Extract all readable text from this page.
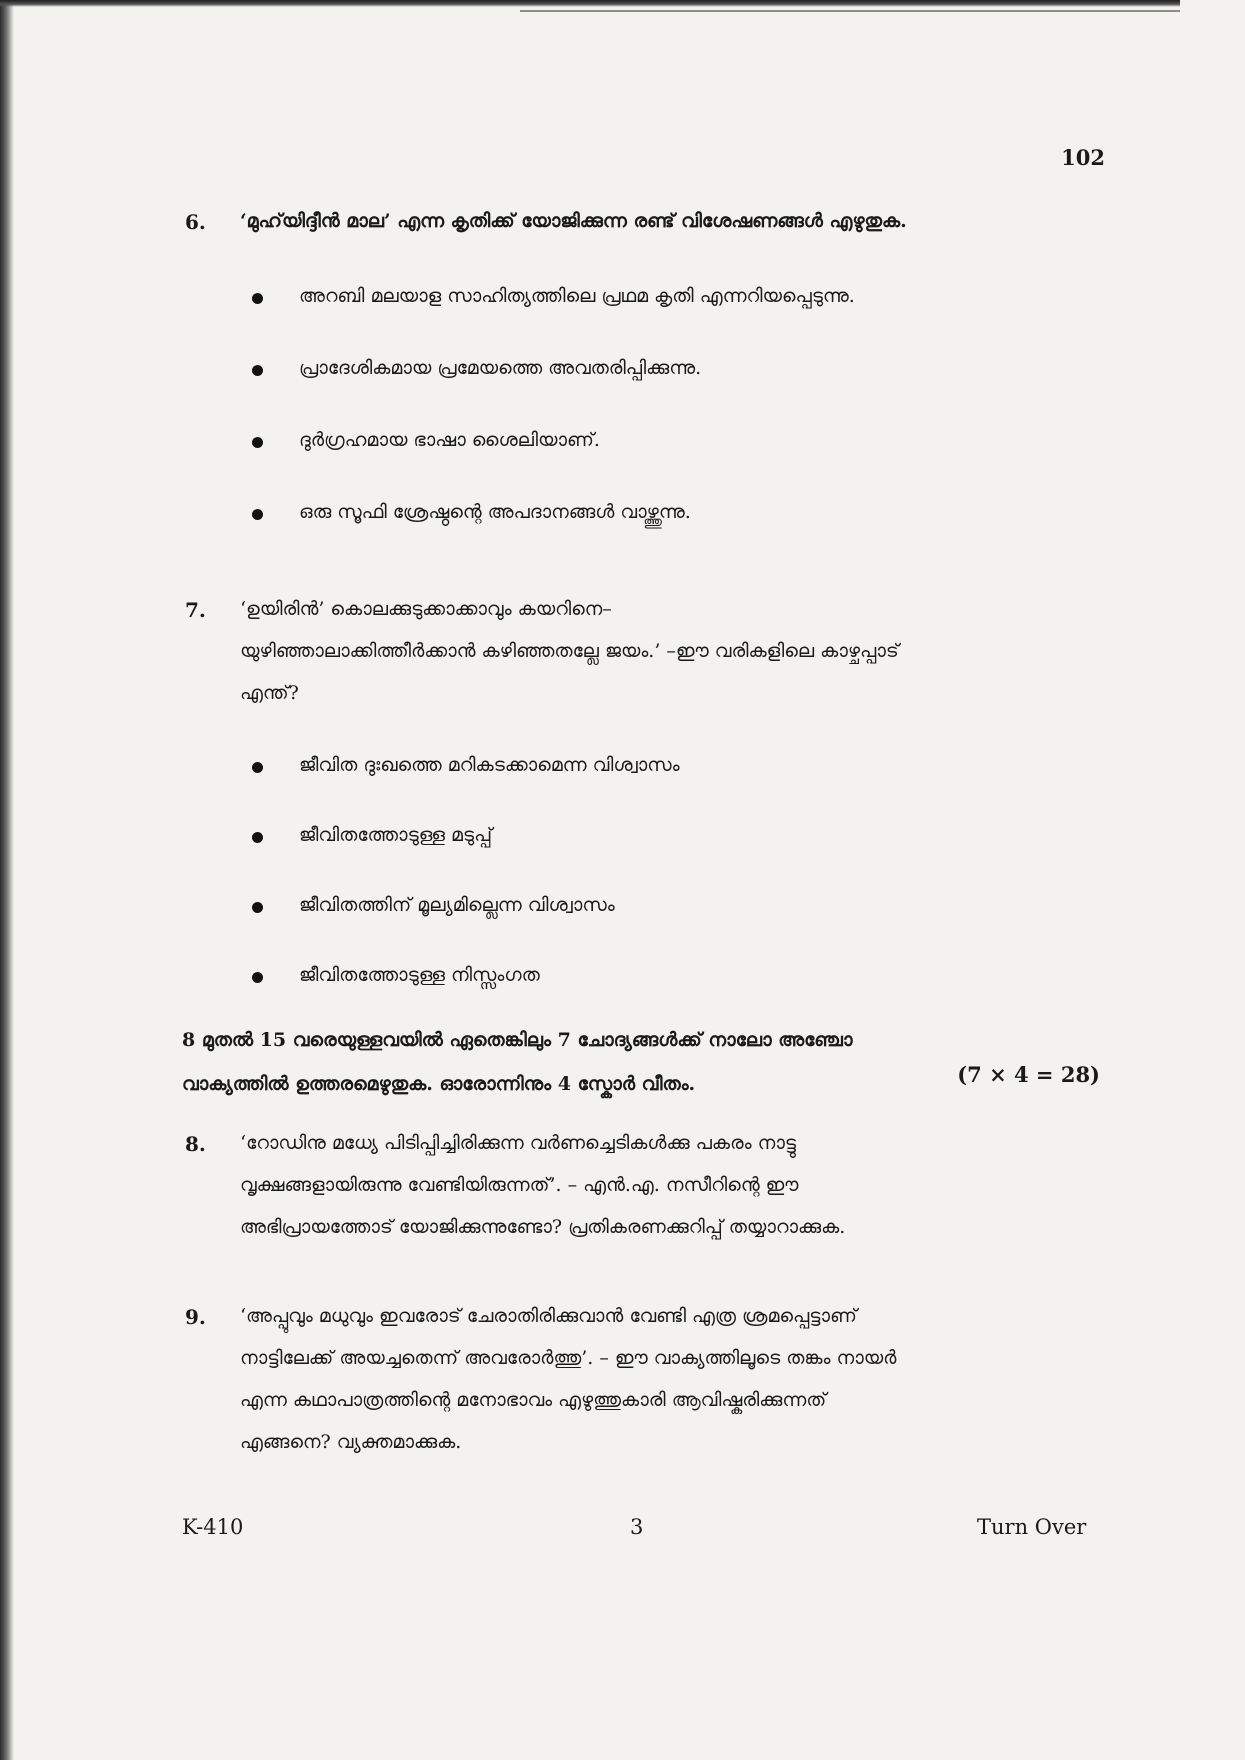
102
6. ‘മുഹ്‌യിദ്ദീൻ മാല’ എന്ന കൃതിക്ക് യോജിക്കുന്ന രണ്ട് വിശേഷണങ്ങൾ എഴുതുക.
അറബി മലയാള സാഹിത്യത്തിലെ പ്രഥമ കൃതി എന്നറിയപ്പെടുന്നു.
പ്രാദേശികമായ പ്രമേയത്തെ അവതരിപ്പിക്കുന്നു.
ദുർഗ്രഹമായ ഭാഷാ ശൈലിയാണ്.
ഒരു സൂഫി ശ്രേഷ്ഠന്റെ അപദാനങ്ങൾ വാഴ്ത്തുന്നു.
7. ‘ഉയിരിൻ’ കൊലക്കുടുക്കാക്കാവും കയറിനെ–
യുഴിഞ്ഞാലാക്കിത്തീർക്കാൻ കഴിഞ്ഞതല്ലേ ജയം.’ –ഈ വരികളിലെ കാഴ്ചപ്പാട്
എന്ത്?
ജീവിത ദുഃഖത്തെ മറികടക്കാമെന്ന വിശ്വാസം
ജീവിതത്തോടുള്ള മടുപ്പ്
ജീവിതത്തിന് മൂല്യമില്ലെന്ന വിശ്വാസം
ജീവിതത്തോടുള്ള നിസ്സംഗത
8 മുതൽ 15 വരെയുള്ളവയിൽ ഏതെങ്കിലും 7 ചോദ്യങ്ങൾക്ക് നാലോ അഞ്ചോ
വാക്യത്തിൽ ഉത്തരമെഴുതുക. ഓരോന്നിനും 4 സ്കോർ വീതം.	(7 × 4 = 28)
8. ‘റോഡിനു മധ്യേ പിടിപ്പിച്ചിരിക്കുന്ന വർണച്ചെടികൾക്കു പകരം നാട്ടു
വൃക്ഷങ്ങളായിരുന്നു വേണ്ടിയിരുന്നത്’. – എൻ.എ. നസീറിന്റെ ഈ
അഭിപ്രായത്തോട് യോജിക്കുന്നുണ്ടോ? പ്രതികരണക്കുറിപ്പ് തയ്യാറാക്കുക.
9. ‘അപ്പുവും മധുവും ഇവരോട് ചേരാതിരിക്കുവാൻ വേണ്ടി എത്ര ശ്രമപ്പെട്ടാണ്
നാട്ടിലേക്ക് അയച്ചതെന്ന് അവരോർത്തു’. – ഈ വാക്യത്തിലൂടെ തങ്കം നായർ
എന്ന കഥാപാത്രത്തിന്റെ മനോഭാവം എഴുത്തുകാരി ആവിഷ്കരിക്കുന്നത്
എങ്ങനെ? വ്യക്തമാക്കുക.
K-410	3	Turn Over
